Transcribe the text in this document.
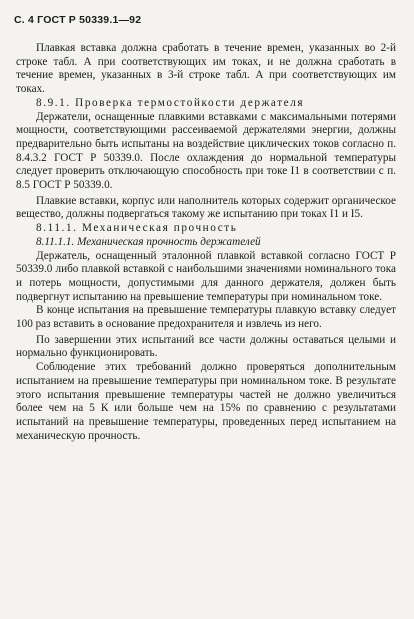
С. 4 ГОСТ Р 50339.1—92

Плавкая вставка должна сработать в течение времен, указанных во 2-й строке табл. А при соответствующих им токах, и не должна сработать в течение времен, указанных в 3-й строке табл. А при соответствующих им токах.

8.9.1. Проверка термостойкости держателя

Держатели, оснащенные плавкими вставками с максимальными потерями мощности, соответствующими рассеиваемой держателями энергии, должны предварительно быть испытаны на воздействие циклических токов согласно п. 8.4.3.2 ГОСТ Р 50339.0. После охлаждения до нормальной температуры следует проверить отключающую способность при токе I1 в соответствии с п. 8.5 ГОСТ Р 50339.0.

Плавкие вставки, корпус или наполнитель которых содержит органическое вещество, должны подвергаться такому же испытанию при токах I1 и I5.

8.11.1. Механическая прочность

8.11.1.1. Механическая прочность держателей

Держатель, оснащенный эталонной плавкой вставкой согласно ГОСТ Р 50339.0 либо плавкой вставкой с наибольшими значениями номинального тока и потерь мощности, допустимыми для данного держателя, должен быть подвергнут испытанию на превышение температуры при номинальном токе.

В конце испытания на превышение температуры плавкую вставку следует 100 раз вставить в основание предохранителя и извлечь из него.

По завершении этих испытаний все части должны оставаться целыми и нормально функционировать.

Соблюдение этих требований должно проверяться дополнительным испытанием на превышение температуры при номинальном токе. В результате этого испытания превышение температуры частей не должно увеличиться более чем на 5 К или больше чем на 15% по сравнению с результатами испытаний на превышение температуры, проведенных перед испытанием на механическую прочность.
